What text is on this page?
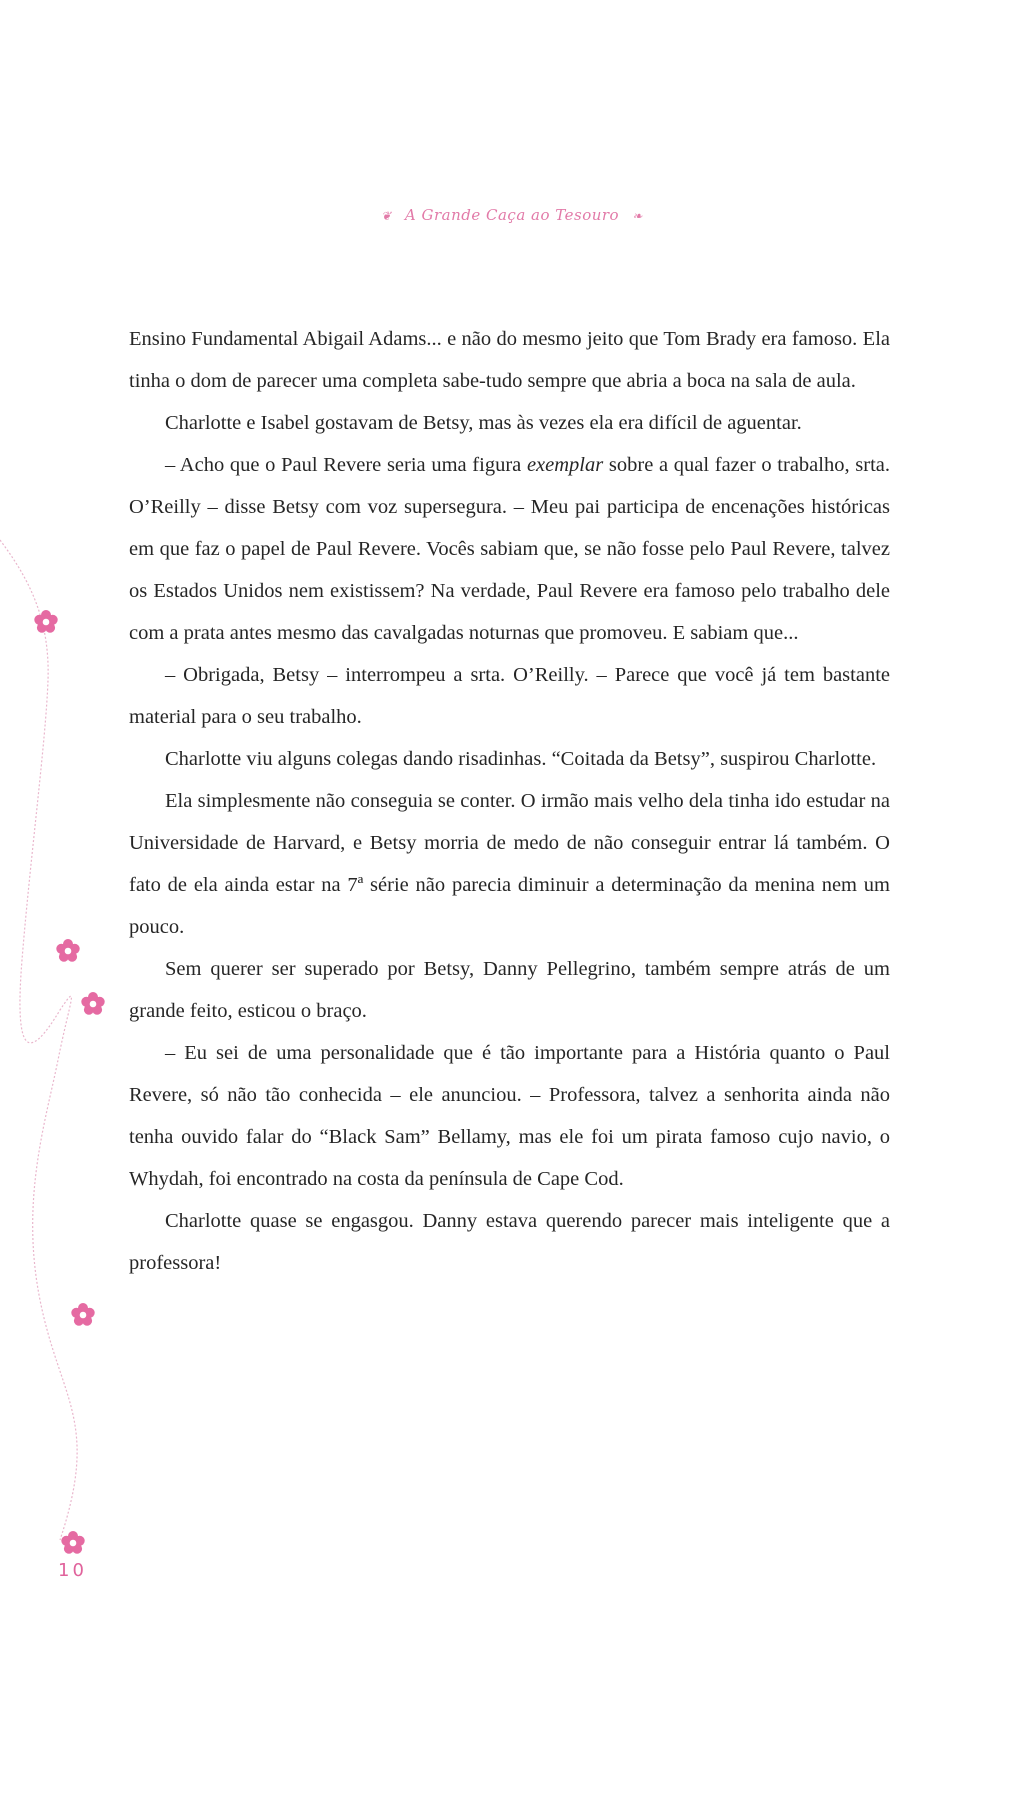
❦ A Grande Caça ao Tesouro ❧

Ensino Fundamental Abigail Adams... e não do mesmo jeito que Tom Brady era famoso. Ela tinha o dom de parecer uma completa sabe-tudo sempre que abria a boca na sala de aula.

Charlotte e Isabel gostavam de Betsy, mas às vezes ela era difícil de aguentar.

– Acho que o Paul Revere seria uma figura exemplar sobre a qual fazer o trabalho, srta. O’Reilly – disse Betsy com voz supersegura. – Meu pai participa de encenações históricas em que faz o papel de Paul Revere. Vocês sabiam que, se não fosse pelo Paul Revere, talvez os Estados Unidos nem existissem? Na verdade, Paul Revere era famoso pelo trabalho dele com a prata antes mesmo das cavalgadas noturnas que promoveu. E sabiam que...

– Obrigada, Betsy – interrompeu a srta. O’Reilly. – Parece que você já tem bastante material para o seu trabalho.

Charlotte viu alguns colegas dando risadinhas. “Coitada da Betsy”, suspirou Charlotte.

Ela simplesmente não conseguia se conter. O irmão mais velho dela tinha ido estudar na Universidade de Harvard, e Betsy morria de medo de não conseguir entrar lá também. O fato de ela ainda estar na 7ª série não parecia diminuir a determinação da menina nem um pouco.

Sem querer ser superado por Betsy, Danny Pellegrino, também sempre atrás de um grande feito, esticou o braço.

– Eu sei de uma personalidade que é tão importante para a História quanto o Paul Revere, só não tão conhecida – ele anunciou. – Professora, talvez a senhorita ainda não tenha ouvido falar do “Black Sam” Bellamy, mas ele foi um pirata famoso cujo navio, o Whydah, foi encontrado na costa da península de Cape Cod.

Charlotte quase se engasgou. Danny estava querendo parecer mais inteligente que a professora!

10
